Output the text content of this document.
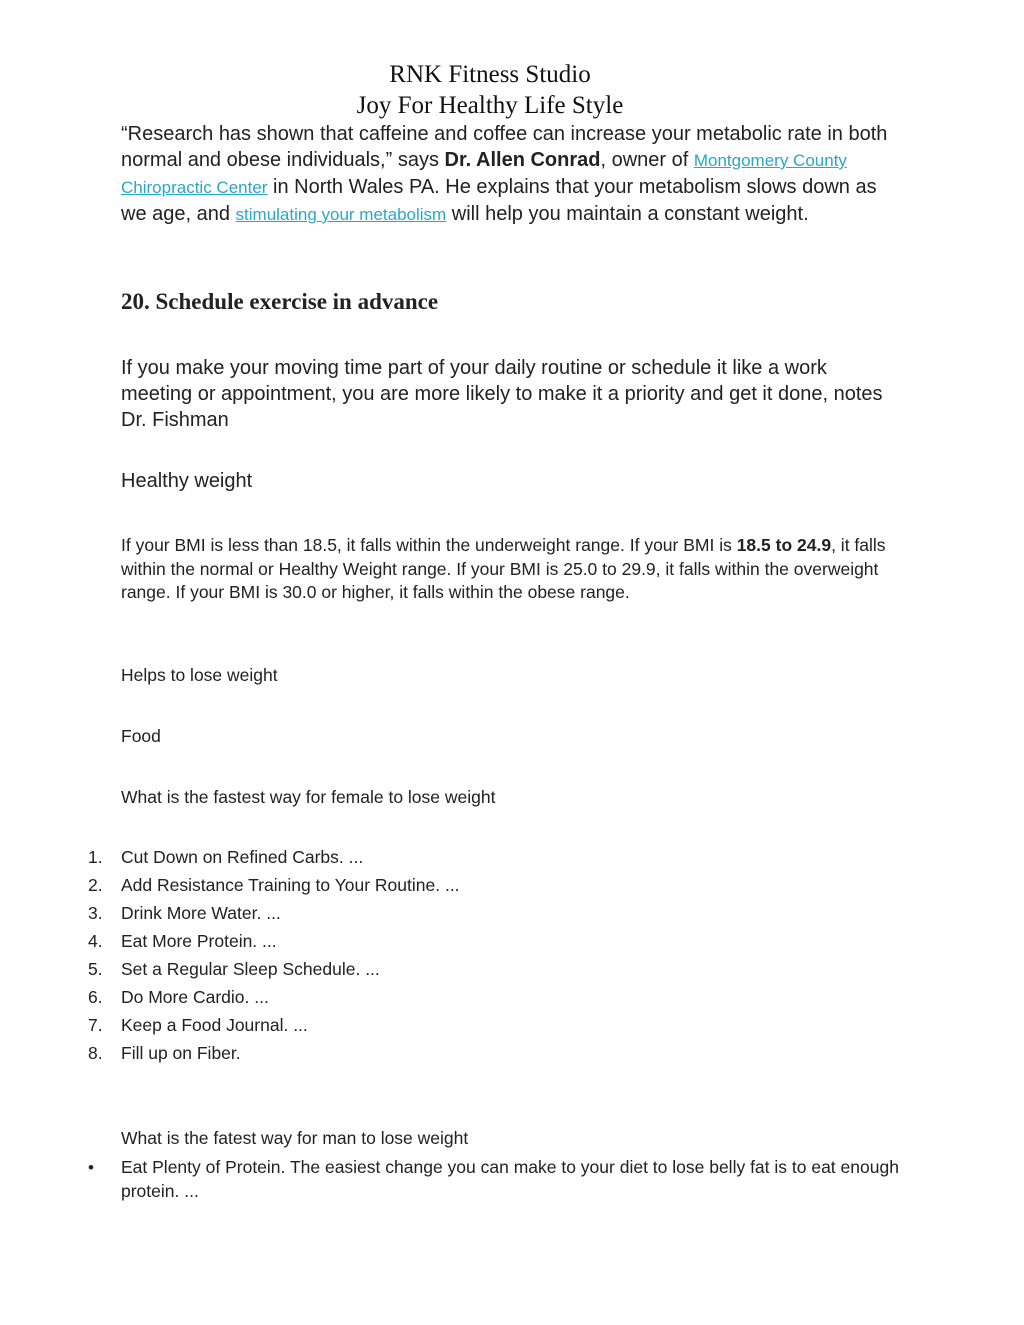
RNK Fitness Studio
Joy For Healthy Life Style
“Research has shown that caffeine and coffee can increase your metabolic rate in both normal and obese individuals,” says Dr. Allen Conrad, owner of Montgomery County Chiropractic Center in North Wales PA. He explains that your metabolism slows down as we age, and stimulating your metabolism will help you maintain a constant weight.
20. Schedule exercise in advance
If you make your moving time part of your daily routine or schedule it like a work meeting or appointment, you are more likely to make it a priority and get it done, notes Dr. Fishman
Healthy weight
If your BMI is less than 18.5, it falls within the underweight range. If your BMI is 18.5 to 24.9, it falls within the normal or Healthy Weight range. If your BMI is 25.0 to 29.9, it falls within the overweight range. If your BMI is 30.0 or higher, it falls within the obese range.
Helps to lose weight
Food
What is the fastest way for female to lose weight
1.	Cut Down on Refined Carbs. ...
2.	Add Resistance Training to Your Routine. ...
3.	Drink More Water. ...
4.	Eat More Protein. ...
5.	Set a Regular Sleep Schedule. ...
6.	Do More Cardio. ...
7.	Keep a Food Journal. ...
8.	Fill up on Fiber.
What is the fatest way for man to lose weight
• Eat Plenty of Protein. The easiest change you can make to your diet to lose belly fat is to eat enough protein. ...
